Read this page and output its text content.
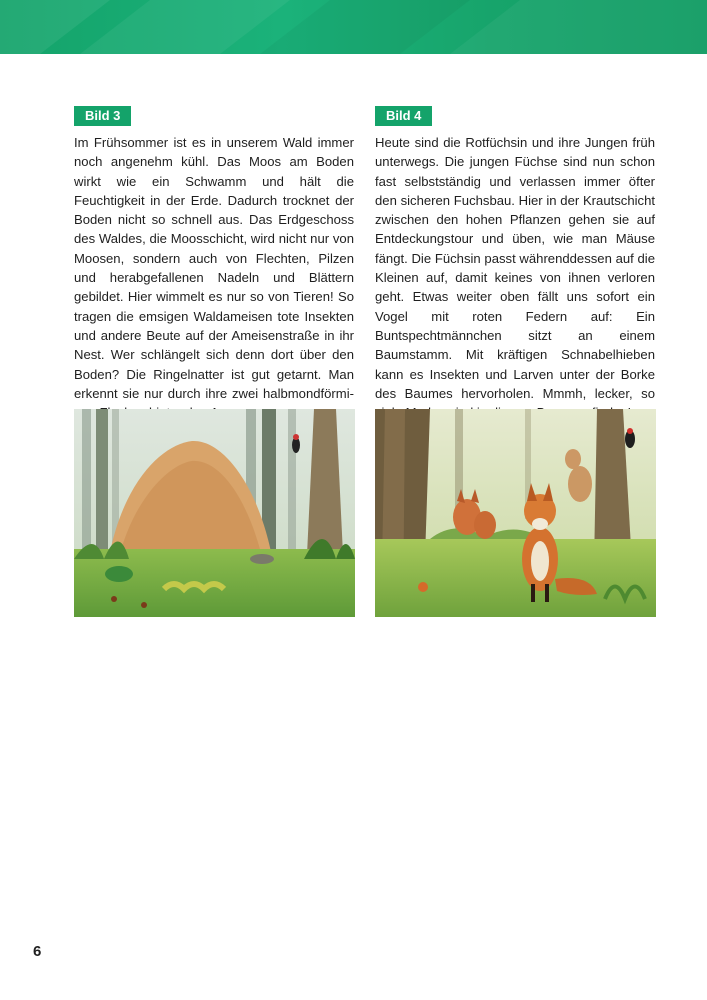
Bild 3

Im Frühsommer ist es in unserem Wald immer noch angenehm kühl. Das Moos am Boden wirkt wie ein Schwamm und hält die Feuchtigkeit in der Erde. Dadurch trocknet der Boden nicht so schnell aus. Das Erdgeschoss des Waldes, die Moosschicht, wird nicht nur von Moosen, sondern auch von Flechten, Pilzen und herabgefallenen Nadeln und Blättern gebildet. Hier wimmelt es nur so von Tieren! So tragen die emsigen Waldameisen tote Insekten und andere Beute auf der Ameisenstraße in ihr Nest. Wer schlängelt sich denn dort über den Boden? Die Ringelnatter ist gut getarnt. Man erkennt sie nur durch ihre zwei halbmondförmi

Bild 4

Heute sind die Rotfüchsin und ihre Jungen früh unterwegs. Die jungen Füchse sind nun schon fast selbstständig und verlassen immer öfter den sicheren Fuchsbau. Hier in der Krautschicht zwischen den hohen Pflanzen gehen sie auf Entdeckungstour und üben, wie man Mäuse fängt. Die Füchsin passt währenddessen auf die Kleinen auf, damit keines von ihnen verloren geht. Etwas weiter oben fällt uns sofort ein Vogel mit roten Federn auf: Ein Buntspechtmännchen sitzt an einem Baumstamm. Mit kräftigen Schnabelhieben kann es Insekten und Larven unter der Borke des Baumes hervorholen. Mmmh, lecker, so

6
